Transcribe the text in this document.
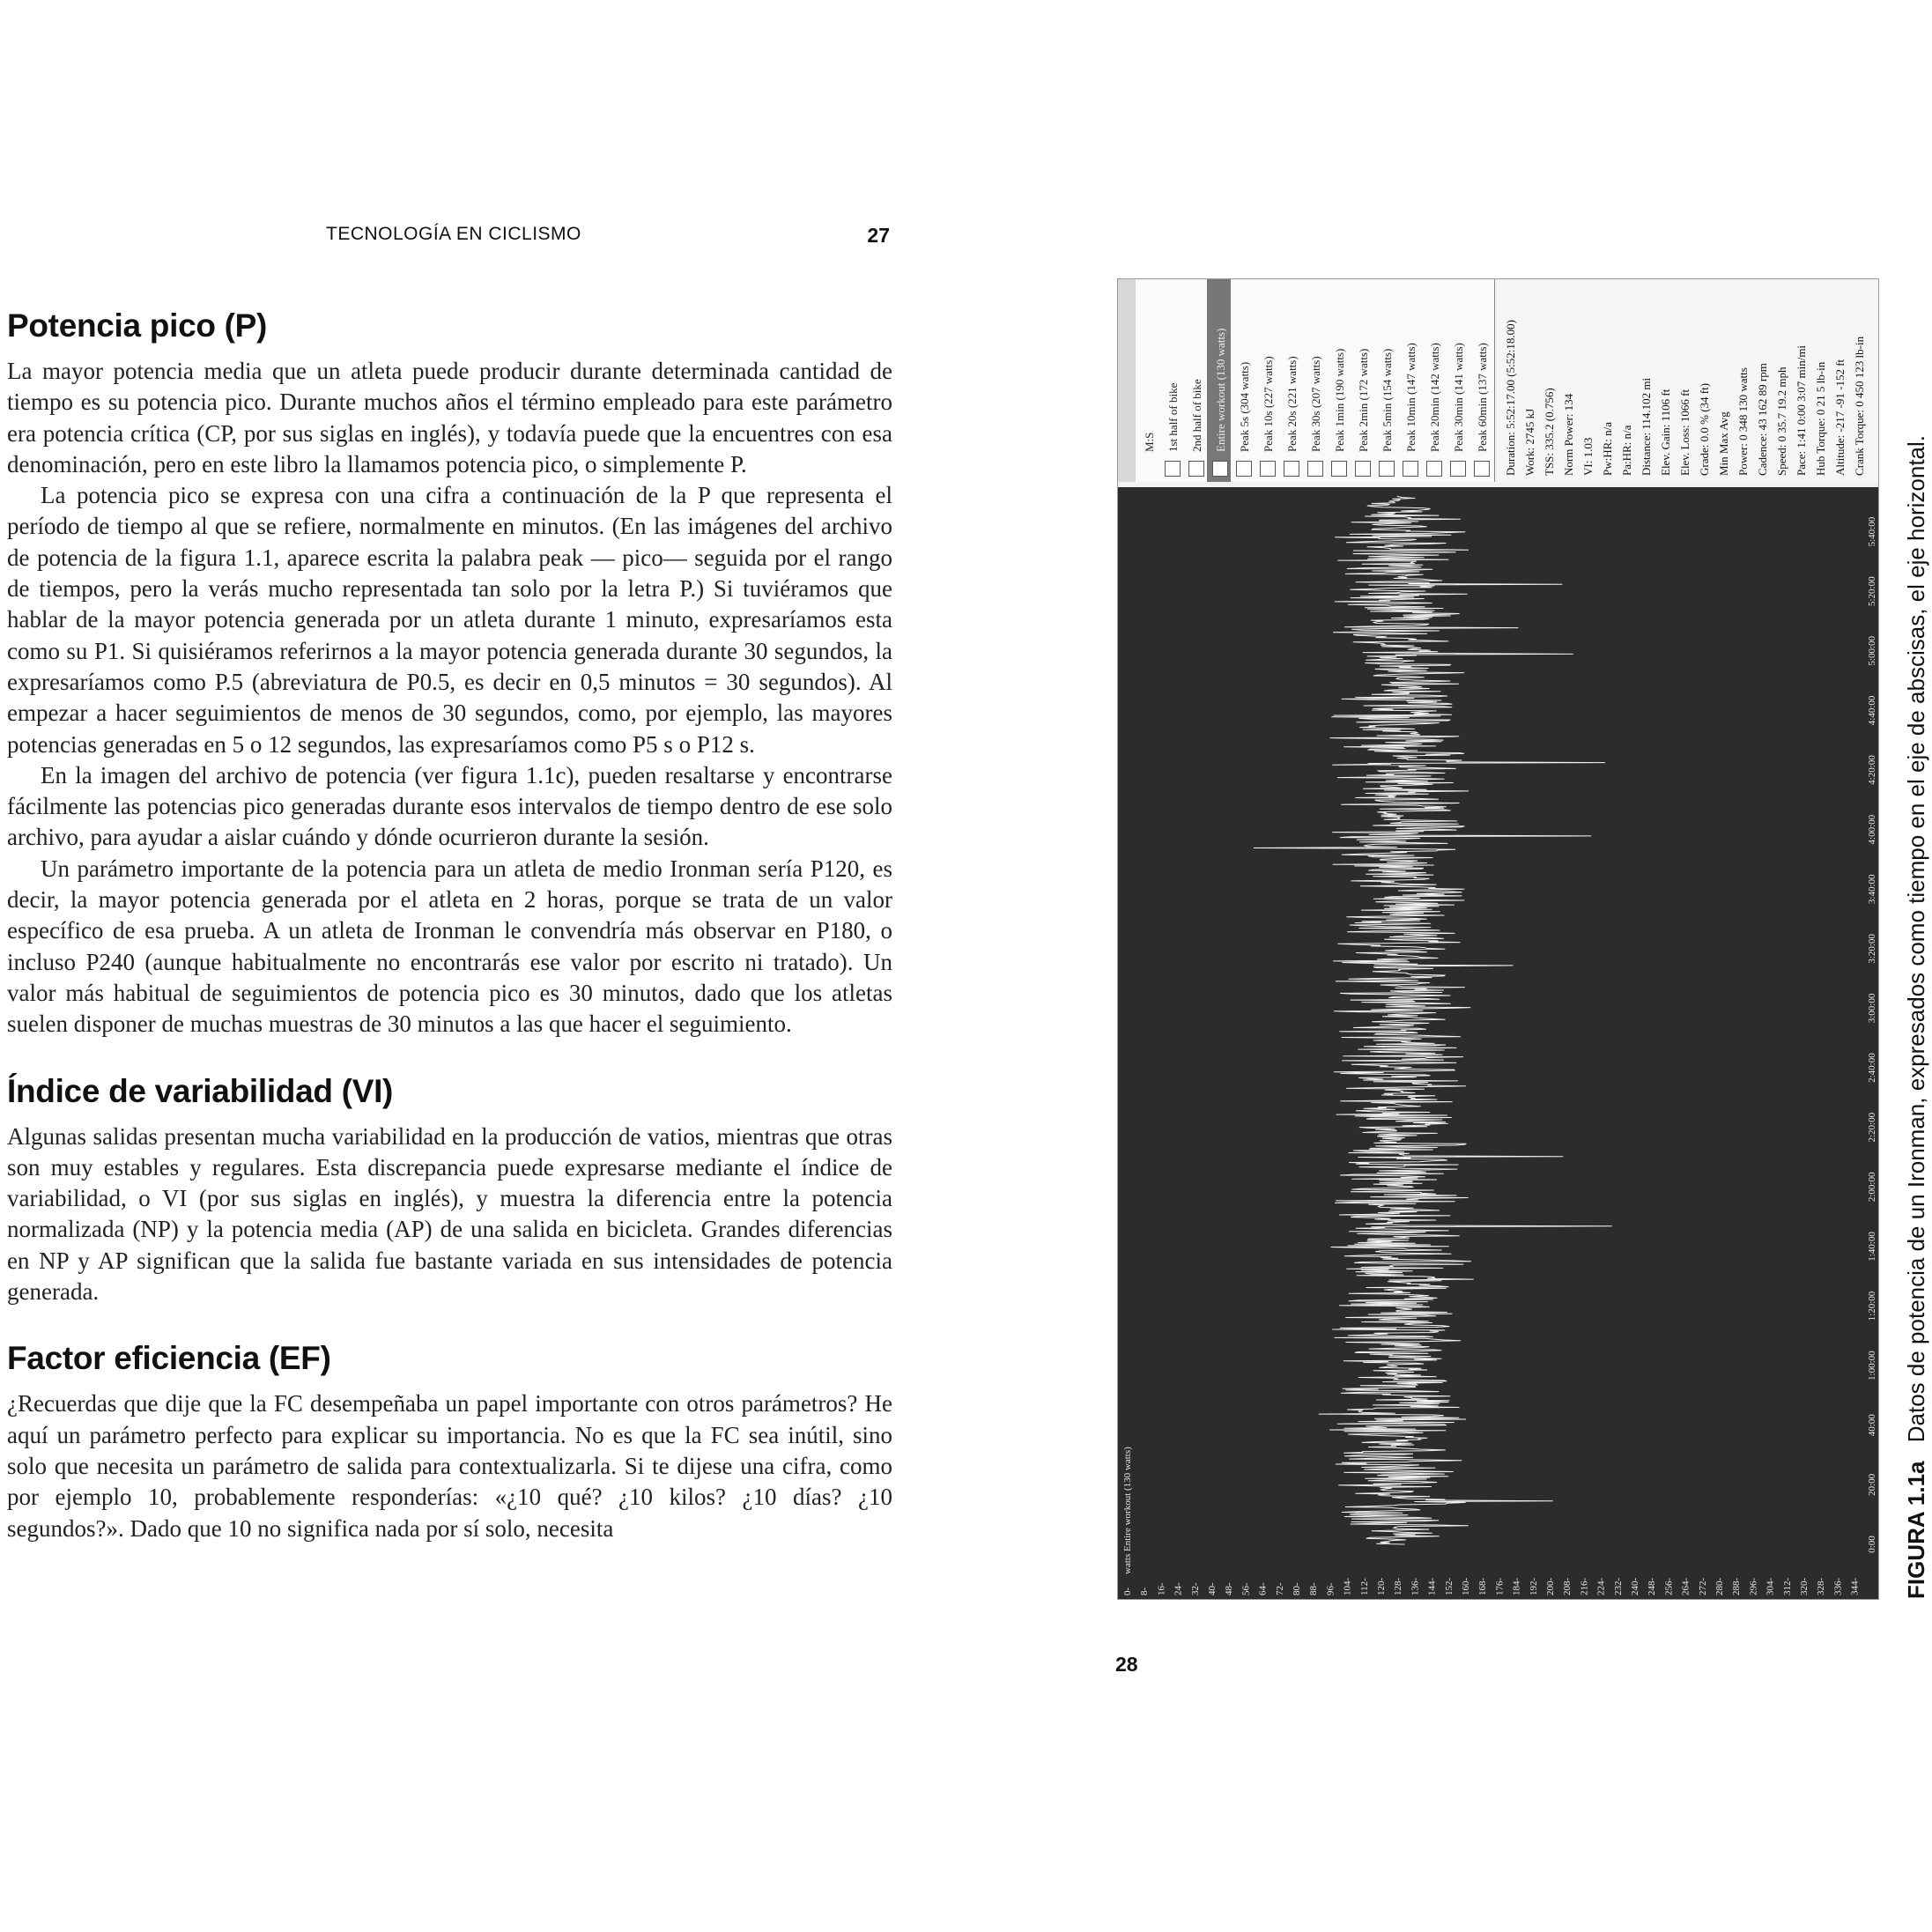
TECNOLOGÍA EN CICLISMO	27
Potencia pico (P)

La mayor potencia media que un atleta puede producir durante determinada cantidad de tiempo es su potencia pico. Durante muchos años el término empleado para este parámetro era potencia crítica (CP, por sus siglas en inglés), y todavía puede que la encuentres con esa denominación, pero en este libro la llamamos potencia pico, o simplemente P.

La potencia pico se expresa con una cifra a continuación de la P que representa el período de tiempo al que se refiere, normalmente en minutos. (En las imágenes del archivo de potencia de la figura 1.1, aparece escrita la palabra peak — pico— seguida por el rango de tiempos, pero la verás mucho representada tan solo por la letra P.) Si tuviéramos que hablar de la mayor potencia generada por un atleta durante 1 minuto, expresaríamos esta como su P1. Si quisiéramos referirnos a la mayor potencia generada durante 30 segundos, la expresaríamos como P.5 (abreviatura de P0.5, es decir en 0,5 minutos = 30 segundos). Al empezar a hacer seguimientos de menos de 30 segundos, como, por ejemplo, las mayores potencias generadas en 5 o 12 segundos, las expresaríamos como P5 s o P12 s.

En la imagen del archivo de potencia (ver figura 1.1c), pueden resaltarse y encontrarse fácilmente las potencias pico generadas durante esos intervalos de tiempo dentro de ese solo archivo, para ayudar a aislar cuándo y dónde ocurrieron durante la sesión.

Un parámetro importante de la potencia para un atleta de medio Ironman sería P120, es decir, la mayor potencia generada por el atleta en 2 horas, porque se trata de un valor específico de esa prueba. A un atleta de Ironman le convendría más observar en P180, o incluso P240 (aunque habitualmente no encontrarás ese valor por escrito ni tratado). Un valor más habitual de seguimientos de potencia pico es 30 minutos, dado que los atletas suelen disponer de muchas muestras de 30 minutos a las que hacer el seguimiento.

Índice de variabilidad (VI)

Algunas salidas presentan mucha variabilidad en la producción de vatios, mientras que otras son muy estables y regulares. Esta discrepancia puede expresarse mediante el índice de variabilidad, o VI (por sus siglas en inglés), y muestra la diferencia entre la potencia normalizada (NP) y la potencia media (AP) de una salida en bicicleta. Grandes diferencias en NP y AP significan que la salida fue bastante variada en sus intensidades de potencia generada.

Factor eficiencia (EF)

¿Recuerdas que dije que la FC desempeñaba un papel importante con otros parámetros? He aquí un parámetro perfecto para explicar su importancia. No es que la FC sea inútil, sino solo que necesita un parámetro de salida para contextualizarla. Si te dijese una cifra, como por ejemplo 10, probablemente responderías: «¿10 qué? ¿10 kilos? ¿10 días? ¿10 segundos?». Dado que 10 no significa nada por sí solo, necesita

M:S 1st half of bike 2nd half of bike Entire workout (130 watts) Peak 5s (304 watts) Peak 10s (227 watts) Peak 20s (221 watts) Peak 30s (207 watts) Peak 1min (190 watts) Peak 2min (172 watts) Peak 5min (154 watts) Peak 10min (147 watts) Peak 20min (142 watts) Peak 30min (141 watts) Peak 60min (137 watts) Duration: 5:52:17.00 (5:52:18.00) Work: 2745 kJ TSS: 335.2 (0.756) Norm Power: 134 VI: 1.03 Pw:HR: n/a Pa:HR: n/a Distance: 114.102 mi Elev. Gain: 1106 ft Elev. Loss: 1066 ft Grade: 0.0 % (34 ft) Min Max Avg Power: 0 348 130 watts Cadence: 43 162 89 rpm Speed: 0 35.7 19.2 mph Pace: 1:41 0:00 3:07 min/mi Hub Torque: 0 21 5 lb-in Altitude: -217 -91 -152 ft Crank Torque: 0 450 123 lb-in
0- 8- 16- 24- 32- 40- 48- 56- 64- 72- 80- 88- 96- 104- 112- 120- 128- 136- 144- 152- 160- 168- 176- 184- 192- 200- 208- 216- 224- 232- 240- 248- 256- 264- 272- 280- 288- 296- 304- 312- 320- 328- 336- 344-
watts Entire workout (130 watts)	0:00
20:00
40:00
1:00:00
1:20:00
1:40:00
2:00:00
2:20:00
2:40:00
3:00:00
3:20:00
3:40:00
4:00:00
4:20:00
4:40:00
5:00:00
5:20:00
5:40:00
FIGURA 1.1a Datos de potencia de un Ironman, expresados como tiempo en el eje de abscisas, el eje horizontal.
28
